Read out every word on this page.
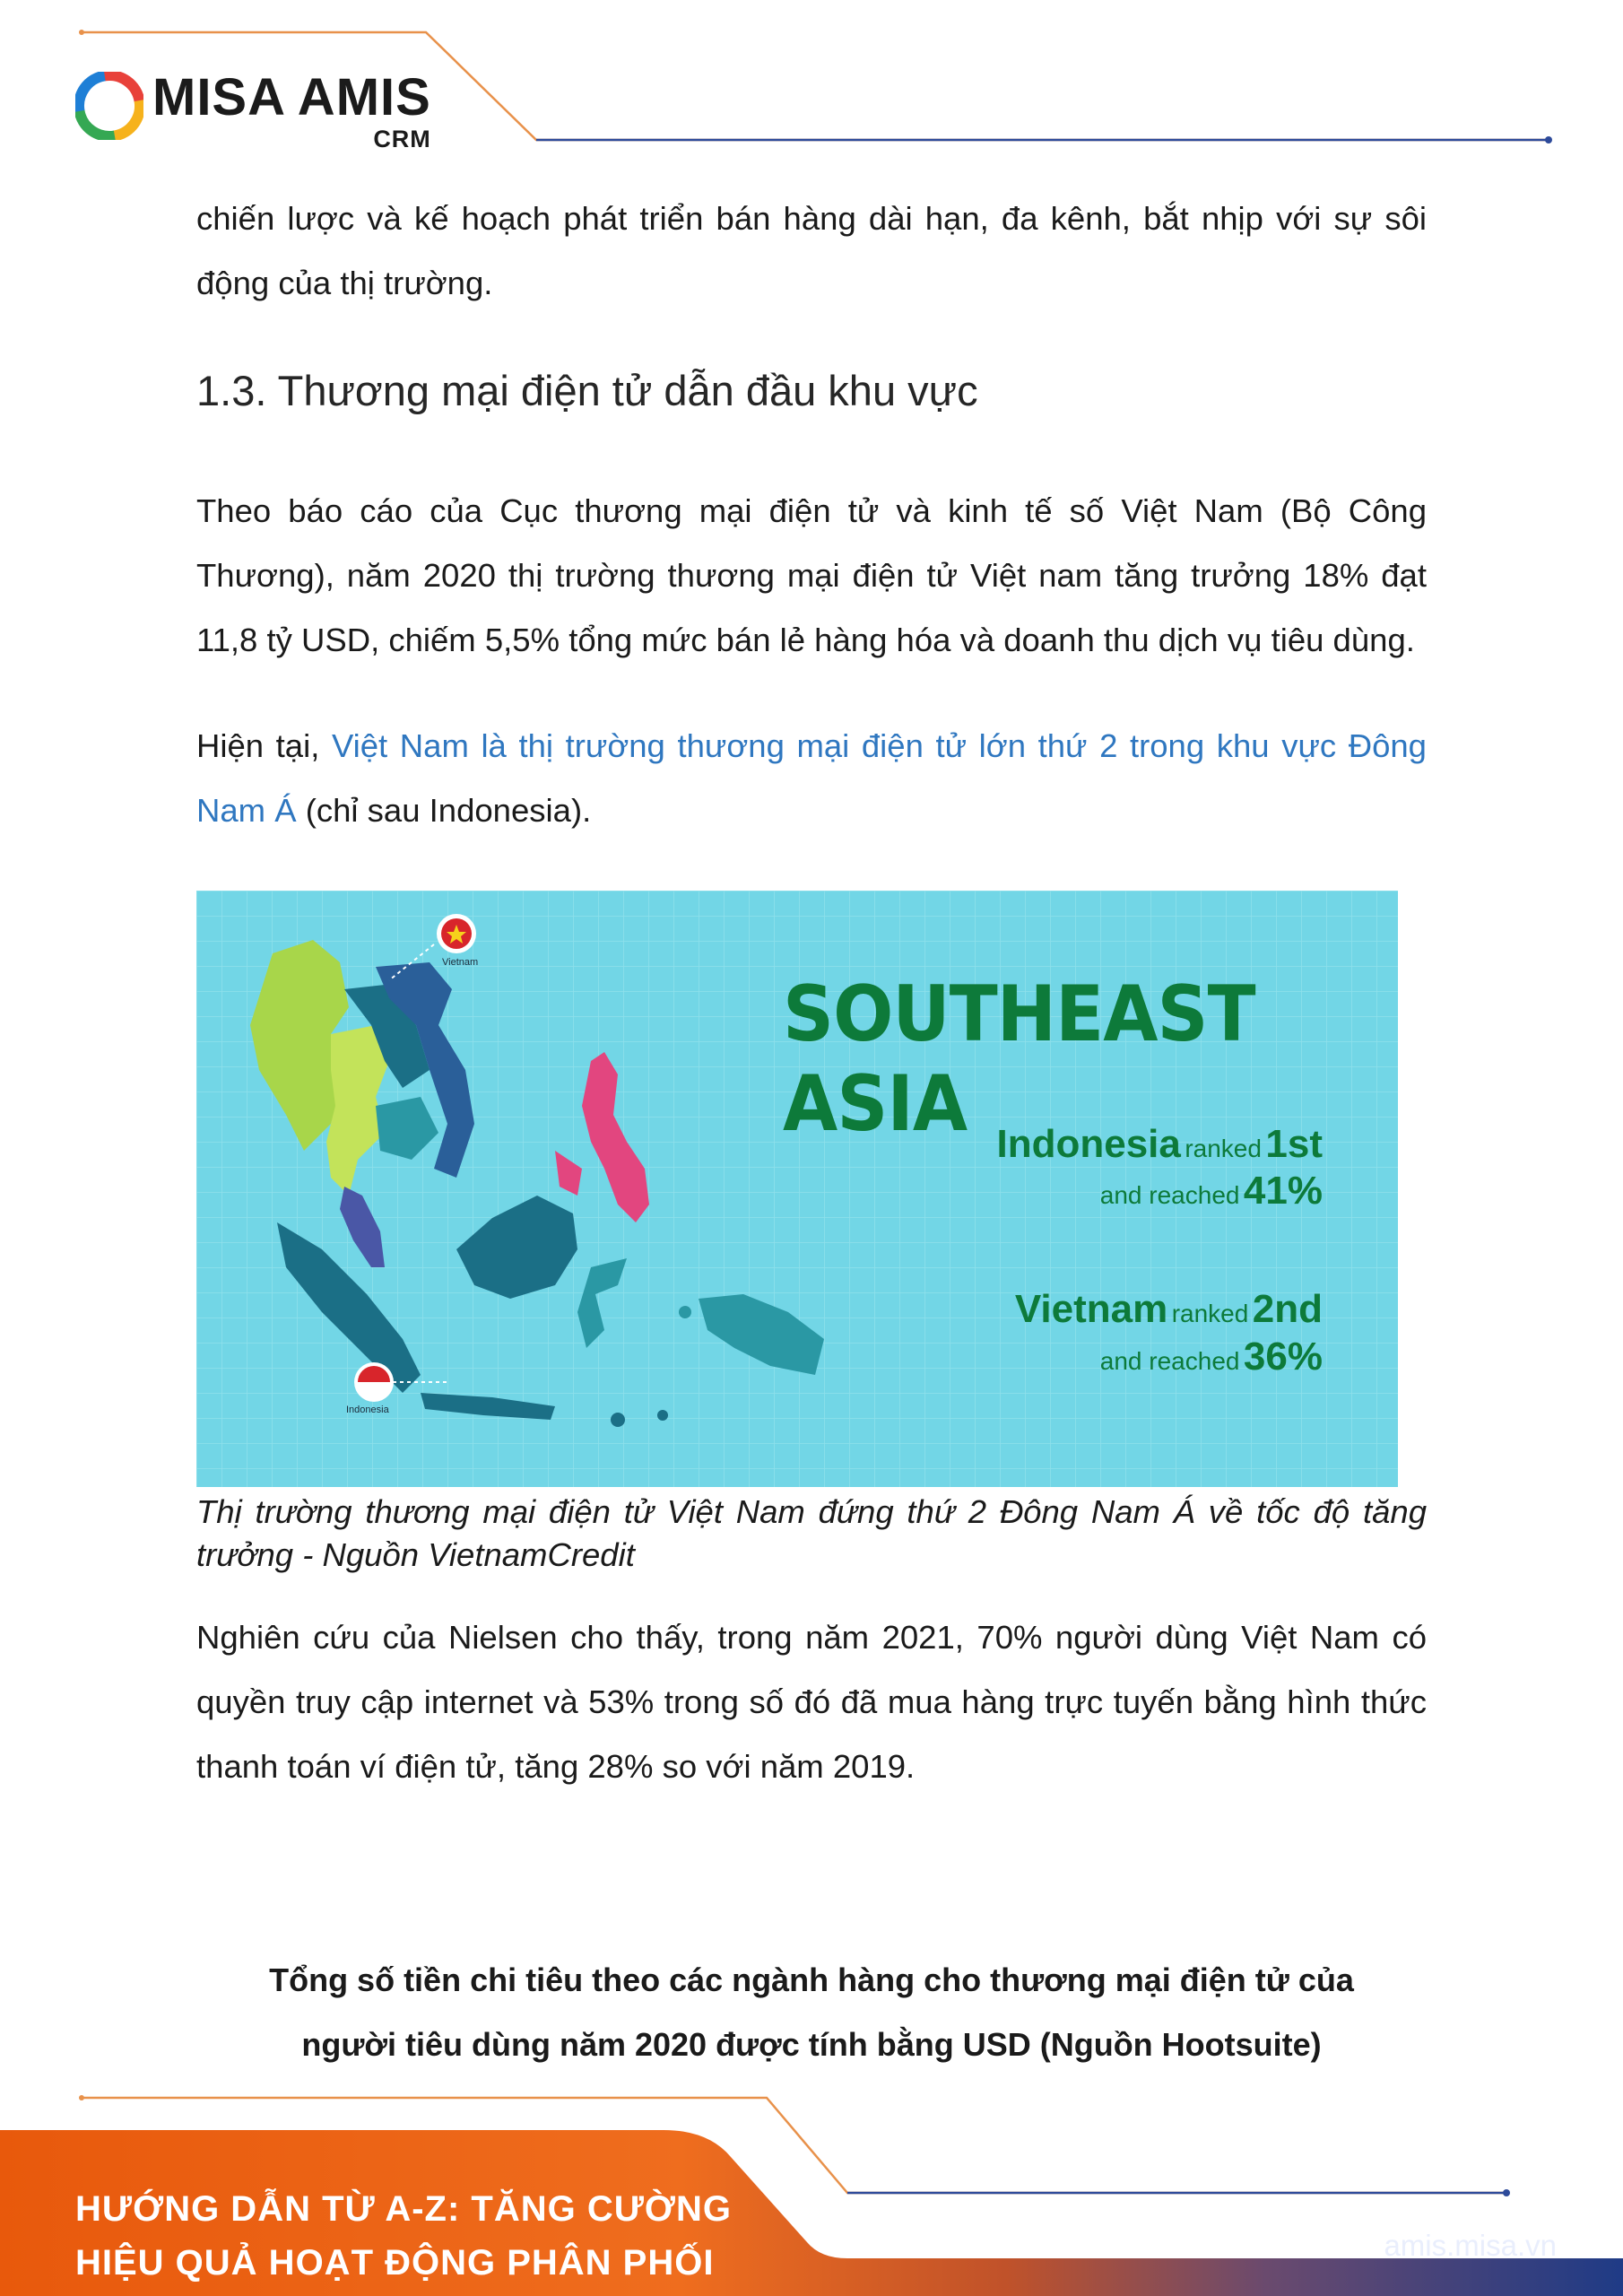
MISA AMIS
CRM

chiến lược và kế hoạch phát triển bán hàng dài hạn, đa kênh, bắt nhịp với sự sôi động của thị trường.

1.3. Thương mại điện tử dẫn đầu khu vực

Theo báo cáo của Cục thương mại điện tử và kinh tế số Việt Nam (Bộ Công Thương), năm 2020 thị trường thương mại điện tử Việt nam tăng trưởng 18% đạt 11,8 tỷ USD, chiếm 5,5% tổng mức bán lẻ hàng hóa và doanh thu dịch vụ tiêu dùng.

Hiện tại, Việt Nam là thị trường thương mại điện tử lớn thứ 2 trong khu vực Đông Nam Á (chỉ sau Indonesia).

Vietnam
Indonesia
SOUTHEAST ASIA Indonesia ranked 1st
and reached 41%
Vietnam ranked 2nd
and reached 36%

Thị trường thương mại điện tử Việt Nam đứng thứ 2 Đông Nam Á về tốc độ tăng trưởng - Nguồn VietnamCredit

Nghiên cứu của Nielsen cho thấy, trong năm 2021, 70% người dùng Việt Nam có quyền truy cập internet và 53% trong số đó đã mua hàng trực tuyến bằng hình thức thanh toán ví điện tử, tăng 28% so với năm 2019.

Tổng số tiền chi tiêu theo các ngành hàng cho thương mại điện tử của
người tiêu dùng năm 2020 được tính bằng USD (Nguồn Hootsuite)
HƯỚNG DẪN TỪ A-Z: TĂNG CƯỜNG
HIỆU QUẢ HOẠT ĐỘNG PHÂN PHỐI	amis.misa.vn
